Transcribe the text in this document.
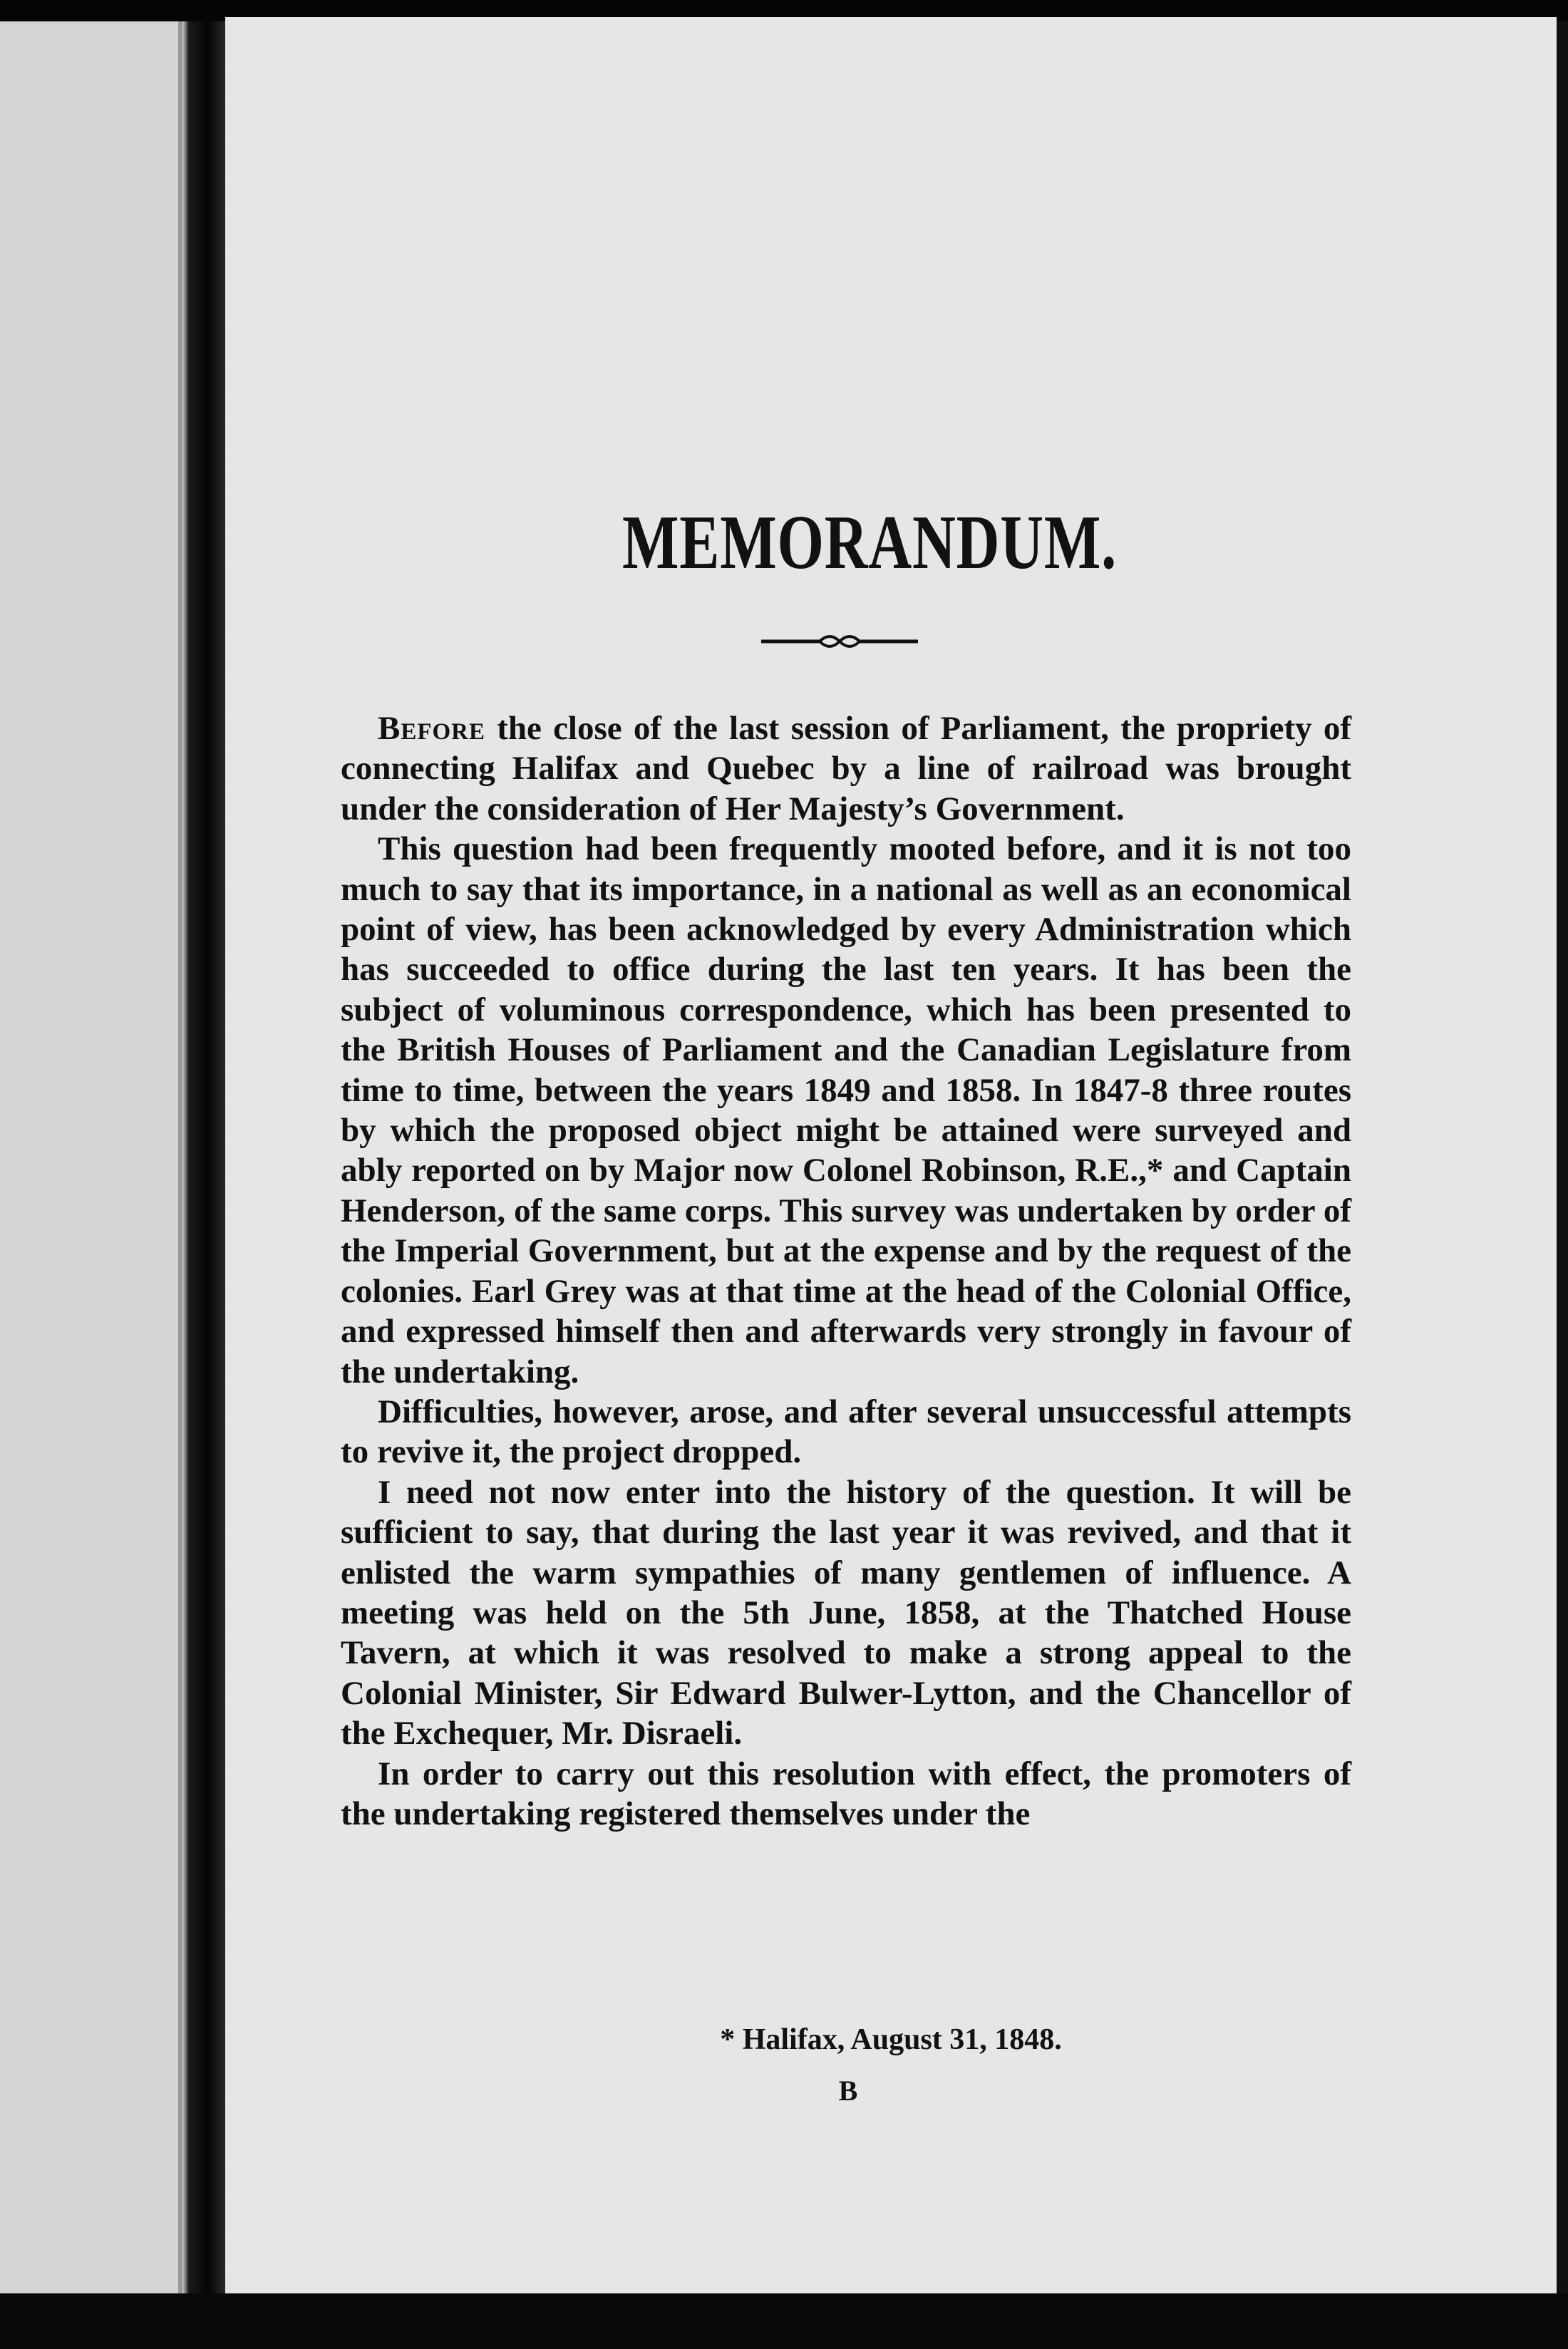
MEMORANDUM.

Before the close of the last session of Parliament, the propriety of connecting Halifax and Quebec by a line of railroad was brought under the consideration of Her Majesty’s Government.

This question had been frequently mooted before, and it is not too much to say that its importance, in a national as well as an economical point of view, has been acknowledged by every Administration which has succeeded to office during the last ten years. It has been the subject of voluminous correspondence, which has been presented to the British Houses of Parliament and the Canadian Legislature from time to time, between the years 1849 and 1858. In 1847-8 three routes by which the proposed object might be attained were surveyed and ably reported on by Major now Colonel Robinson, R.E.,* and Captain Henderson, of the same corps. This survey was undertaken by order of the Imperial Government, but at the expense and by the request of the colonies. Earl Grey was at that time at the head of the Colonial Office, and expressed himself then and afterwards very strongly in favour of the undertaking.

Difficulties, however, arose, and after several unsuccessful attempts to revive it, the project dropped.

I need not now enter into the history of the question. It will be sufficient to say, that during the last year it was revived, and that it enlisted the warm sympathies of many gentlemen of influence. A meeting was held on the 5th June, 1858, at the Thatched House Tavern, at which it was resolved to make a strong appeal to the Colonial Minister, Sir Edward Bulwer-Lytton, and the Chancellor of the Exchequer, Mr. Disraeli.

In order to carry out this resolution with effect, the promoters of the undertaking registered themselves under the

* Halifax, August 31, 1848.
B
